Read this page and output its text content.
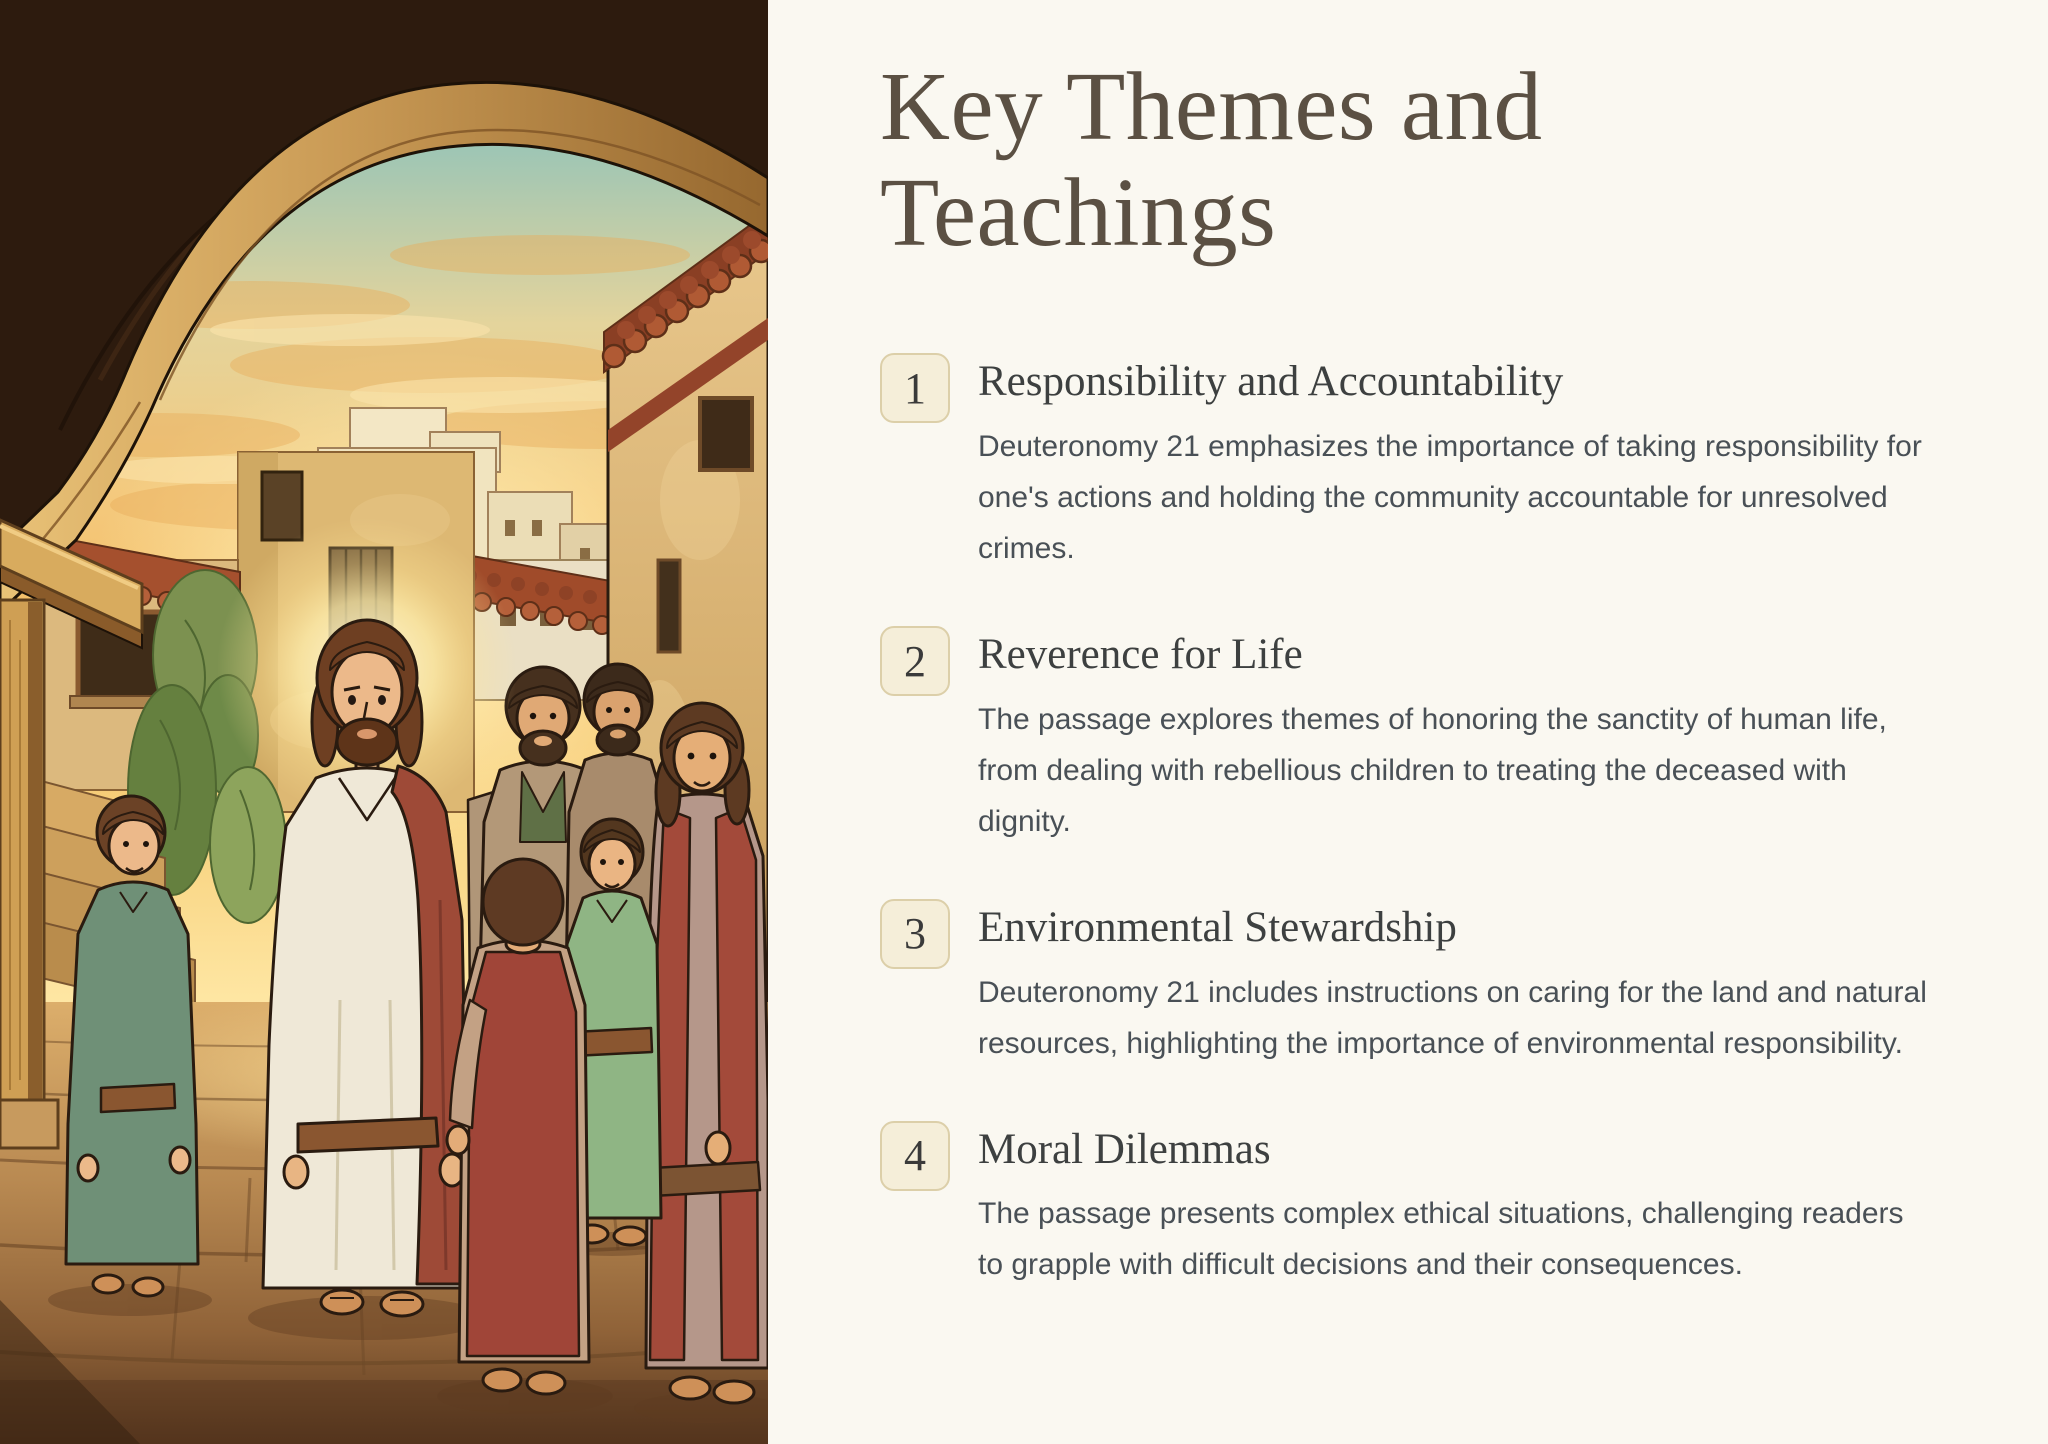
Key Themes and
Teachings
1	Responsibility and Accountability

Deuteronomy 21 emphasizes the importance of taking responsibility for one's actions and holding the community accountable for unresolved crimes.

2	Reverence for Life

The passage explores themes of honoring the sanctity of human life, from dealing with rebellious children to treating the deceased with dignity.

3	Environmental Stewardship

Deuteronomy 21 includes instructions on caring for the land and natural resources, highlighting the importance of environmental responsibility.

4	Moral Dilemmas

The passage presents complex ethical situations, challenging readers to grapple with difficult decisions and their consequences.
